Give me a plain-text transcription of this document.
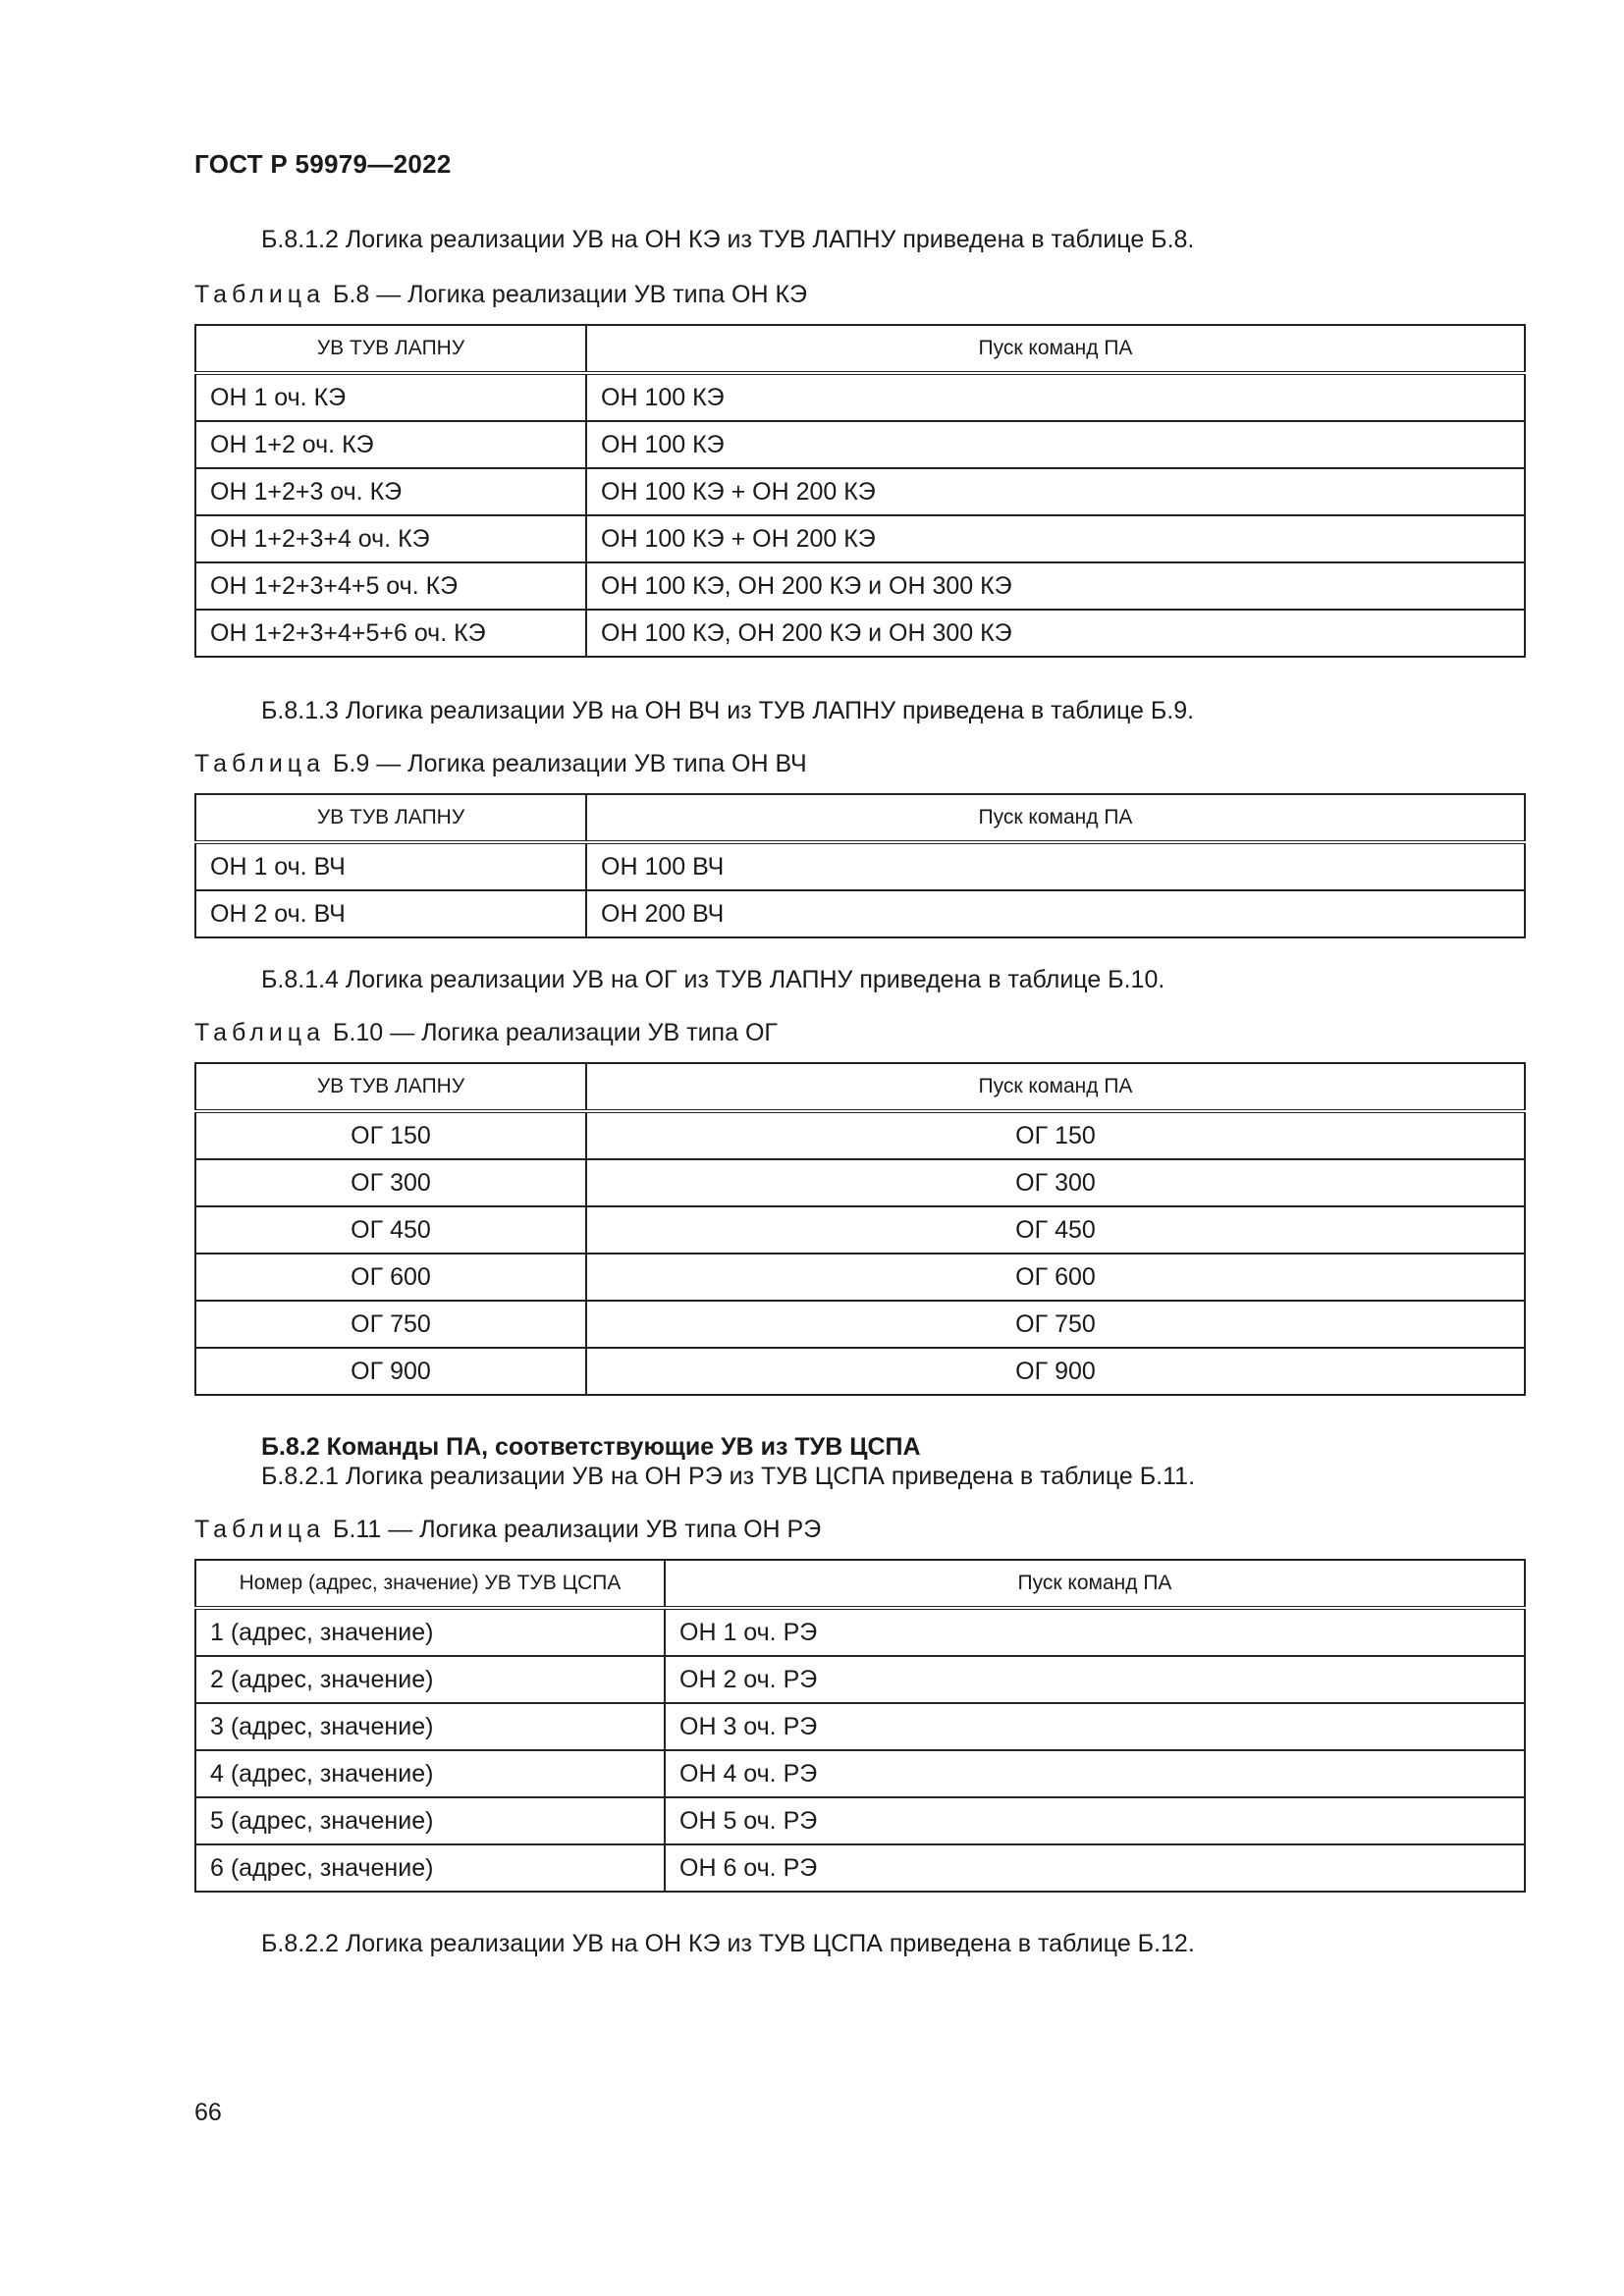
ГОСТ Р 59979—2022
Б.8.1.2 Логика реализации УВ на ОН КЭ из ТУВ ЛАПНУ приведена в таблице Б.8.
Таблица Б.8 — Логика реализации УВ типа ОН КЭ
УВ ТУВ ЛАПНУ	Пуск команд ПА
ОН 1 оч. КЭ	ОН 100 КЭ
ОН 1+2 оч. КЭ	ОН 100 КЭ
ОН 1+2+3 оч. КЭ	ОН 100 КЭ + ОН 200 КЭ
ОН 1+2+3+4 оч. КЭ	ОН 100 КЭ + ОН 200 КЭ
ОН 1+2+3+4+5 оч. КЭ	ОН 100 КЭ, ОН 200 КЭ и ОН 300 КЭ
ОН 1+2+3+4+5+6 оч. КЭ	ОН 100 КЭ, ОН 200 КЭ и ОН 300 КЭ
Б.8.1.3 Логика реализации УВ на ОН ВЧ из ТУВ ЛАПНУ приведена в таблице Б.9.
Таблица Б.9 — Логика реализации УВ типа ОН ВЧ
УВ ТУВ ЛАПНУ	Пуск команд ПА
ОН 1 оч. ВЧ	ОН 100 ВЧ
ОН 2 оч. ВЧ	ОН 200 ВЧ
Б.8.1.4 Логика реализации УВ на ОГ из ТУВ ЛАПНУ приведена в таблице Б.10.
Таблица Б.10 — Логика реализации УВ типа ОГ
УВ ТУВ ЛАПНУ	Пуск команд ПА
ОГ 150	ОГ 150
ОГ 300	ОГ 300
ОГ 450	ОГ 450
ОГ 600	ОГ 600
ОГ 750	ОГ 750
ОГ 900	ОГ 900
Б.8.2 Команды ПА, соответствующие УВ из ТУВ ЦСПА
Б.8.2.1 Логика реализации УВ на ОН РЭ из ТУВ ЦСПА приведена в таблице Б.11.
Таблица Б.11 — Логика реализации УВ типа ОН РЭ
Номер (адрес, значение) УВ ТУВ ЦСПА	Пуск команд ПА
1 (адрес, значение)	ОН 1 оч. РЭ
2 (адрес, значение)	ОН 2 оч. РЭ
3 (адрес, значение)	ОН 3 оч. РЭ
4 (адрес, значение)	ОН 4 оч. РЭ
5 (адрес, значение)	ОН 5 оч. РЭ
6 (адрес, значение)	ОН 6 оч. РЭ
Б.8.2.2 Логика реализации УВ на ОН КЭ из ТУВ ЦСПА приведена в таблице Б.12.
66
